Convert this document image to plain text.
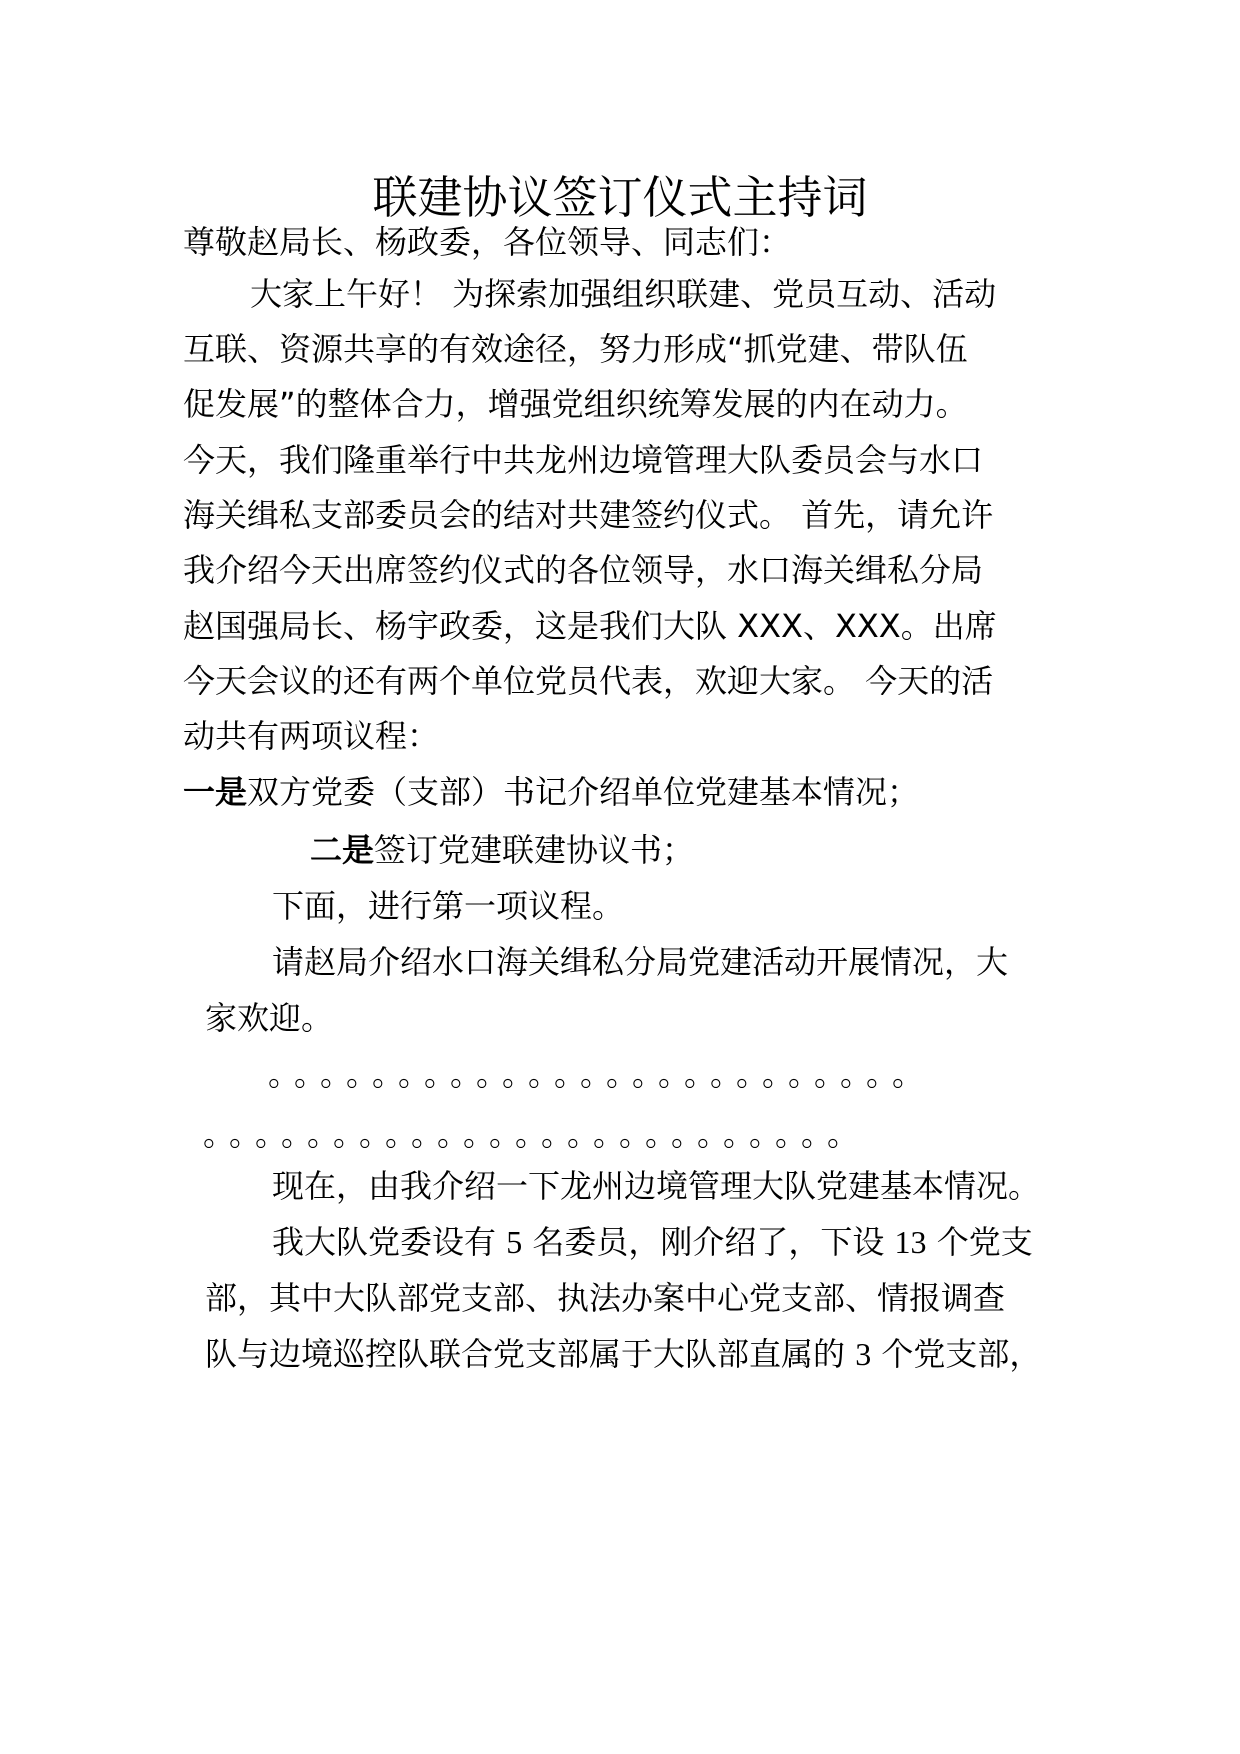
联建协议签订仪式主持词
尊敬赵局长、杨政委，各位领导、同志们：
大家上午好！ 为探索加强组织联建、党员互动、活动
互联、资源共享的有效途径，努力形成“抓党建、带队伍
促发展”的整体合力，增强党组织统筹发展的内在动力。
今天，我们隆重举行中共龙州边境管理大队委员会与水口
海关缉私支部委员会的结对共建签约仪式。 首先，请允许
我介绍今天出席签约仪式的各位领导，水口海关缉私分局
赵国强局长、杨宇政委，这是我们大队 XXX、XXX。出席
今天会议的还有两个单位党员代表，欢迎大家。 今天的活
动共有两项议程：
一是双方党委（支部）书记介绍单位党建基本情况；
二是签订党建联建协议书；
下面，进行第一项议程。
请赵局介绍水口海关缉私分局党建活动开展情况，大
家欢迎。
。。。。。。。。。。。。。。。。。。。。。。。。。
。。。。。。。。。。。。。。。。。。。。。。。。。
现在，由我介绍一下龙州边境管理大队党建基本情况。
我大队党委设有 5 名委员，刚介绍了，下设 13 个党支
部，其中大队部党支部、执法办案中心党支部、情报调查
队与边境巡控队联合党支部属于大队部直属的 3 个党支部，
